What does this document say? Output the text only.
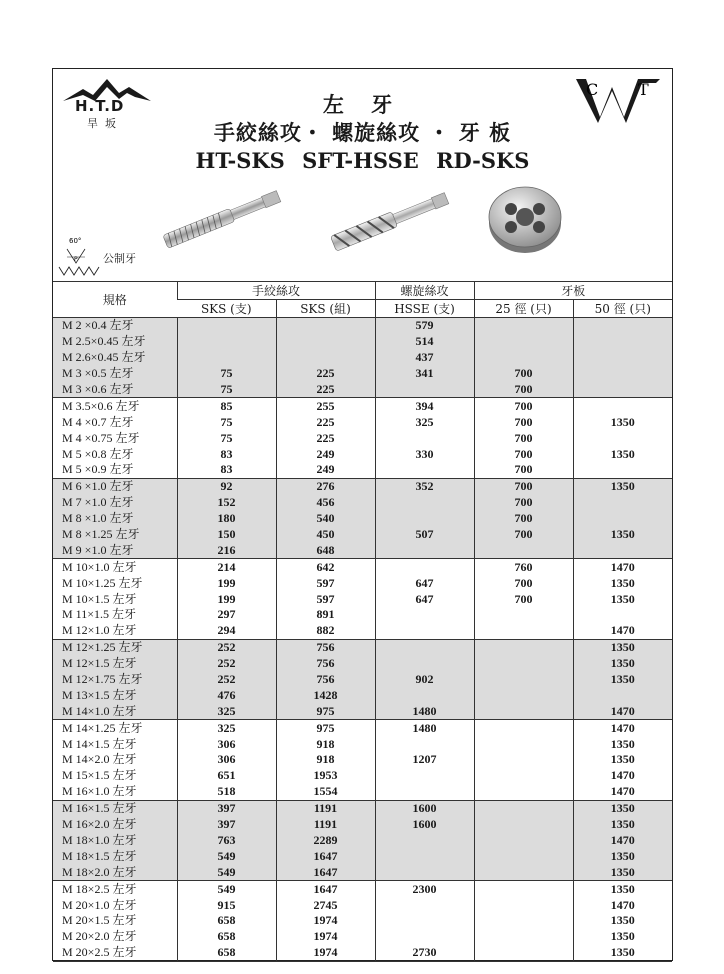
H.T.D
旱坂
C
W
T
左 牙
手絞絲攻・ 螺旋絲攻 ・ 牙 板
HT-SKS SFT-HSSE RD-SKS
60°
P 公制牙
規格	手絞絲攻		螺旋絲攻	牙板	
	SKS (支)	SKS (組)	HSSE (支)	25 徑 (只)	50 徑 (只)
M 2 ×0.4 左牙			579		
M 2.5×0.45 左牙			514		
M 2.6×0.45 左牙			437		
M 3 ×0.5 左牙	75	225	341	700	
M 3 ×0.6 左牙	75	225		700	
M 3.5×0.6 左牙	85	255	394	700	
M 4 ×0.7 左牙	75	225	325	700	1350
M 4 ×0.75 左牙	75	225		700	
M 5 ×0.8 左牙	83	249	330	700	1350
M 5 ×0.9 左牙	83	249		700	
M 6 ×1.0 左牙	92	276	352	700	1350
M 7 ×1.0 左牙	152	456		700	
M 8 ×1.0 左牙	180	540		700	
M 8 ×1.25 左牙	150	450	507	700	1350
M 9 ×1.0 左牙	216	648			
M 10×1.0 左牙	214	642		760	1470
M 10×1.25 左牙	199	597	647	700	1350
M 10×1.5 左牙	199	597	647	700	1350
M 11×1.5 左牙	297	891			
M 12×1.0 左牙	294	882			1470
M 12×1.25 左牙	252	756			1350
M 12×1.5 左牙	252	756			1350
M 12×1.75 左牙	252	756	902		1350
M 13×1.5 左牙	476	1428			
M 14×1.0 左牙	325	975	1480		1470
M 14×1.25 左牙	325	975	1480		1470
M 14×1.5 左牙	306	918			1350
M 14×2.0 左牙	306	918	1207		1350
M 15×1.5 左牙	651	1953			1470
M 16×1.0 左牙	518	1554			1470
M 16×1.5 左牙	397	1191	1600		1350
M 16×2.0 左牙	397	1191	1600		1350
M 18×1.0 左牙	763	2289			1470
M 18×1.5 左牙	549	1647			1350
M 18×2.0 左牙	549	1647			1350
M 18×2.5 左牙	549	1647	2300		1350
M 20×1.0 左牙	915	2745			1470
M 20×1.5 左牙	658	1974			1350
M 20×2.0 左牙	658	1974			1350
M 20×2.5 左牙	658	1974	2730		1350
